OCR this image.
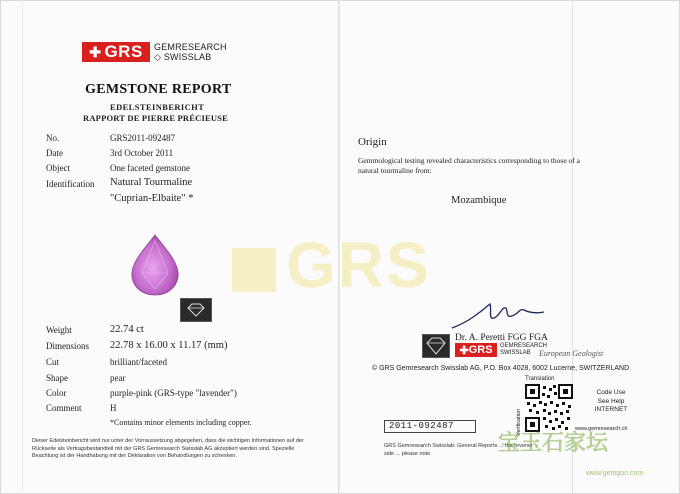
GRS
✚ GRS GEMRESEARCH
◇ SWISSLAB
GEMSTONE REPORT
EDELSTEINBERICHT
RAPPORT DE PIERRE PRÉCIEUSE
No.	GRS2011-092487
Date	3rd October 2011
Object	One faceted gemstone
Identification Natural Tourmaline
"Cuprian-Elbaite" *
Weight	22.74 ct
Dimensions 22.78 x 16.00 x 11.17 (mm)
Cut	brilliant/faceted
Shape	pear
Color	purple-pink (GRS-type "lavender")
Comment	H
*Contains minor elements including copper.
Dieser Edelsteinbericht wird nur unter der Vorraussetzung abgegeben, dass die wichtigen Informationen auf der Rückseite als Vertragsbestandteil mit der GRS Gemresearch Swisslab AG akzeptiert werden sind. Spezielle Beachtung ist der Handhabung mit der Deklaration von Behandlungen zu schenken.
Origin
Gemmological testing revealed characteristics corresponding to those of a natural tourmaline from:
Mozambique
Dr. A. Peretti FGG FGA
✚ GRS GEMRESEARCH
SWISSLAB	European Geologist
© GRS Gemresearch Swisslab AG, P.O. Box 4028, 6002 Lucerne, SWITZERLAND
Translation
Verification
Code Use
See Help
INTERNET
www.gemresearch.ch
2011-092487
GRS Gemresearch Swisslab: General Reports ... the reverse side ... please note	宝玉石家坛
www.gemgoo.com
